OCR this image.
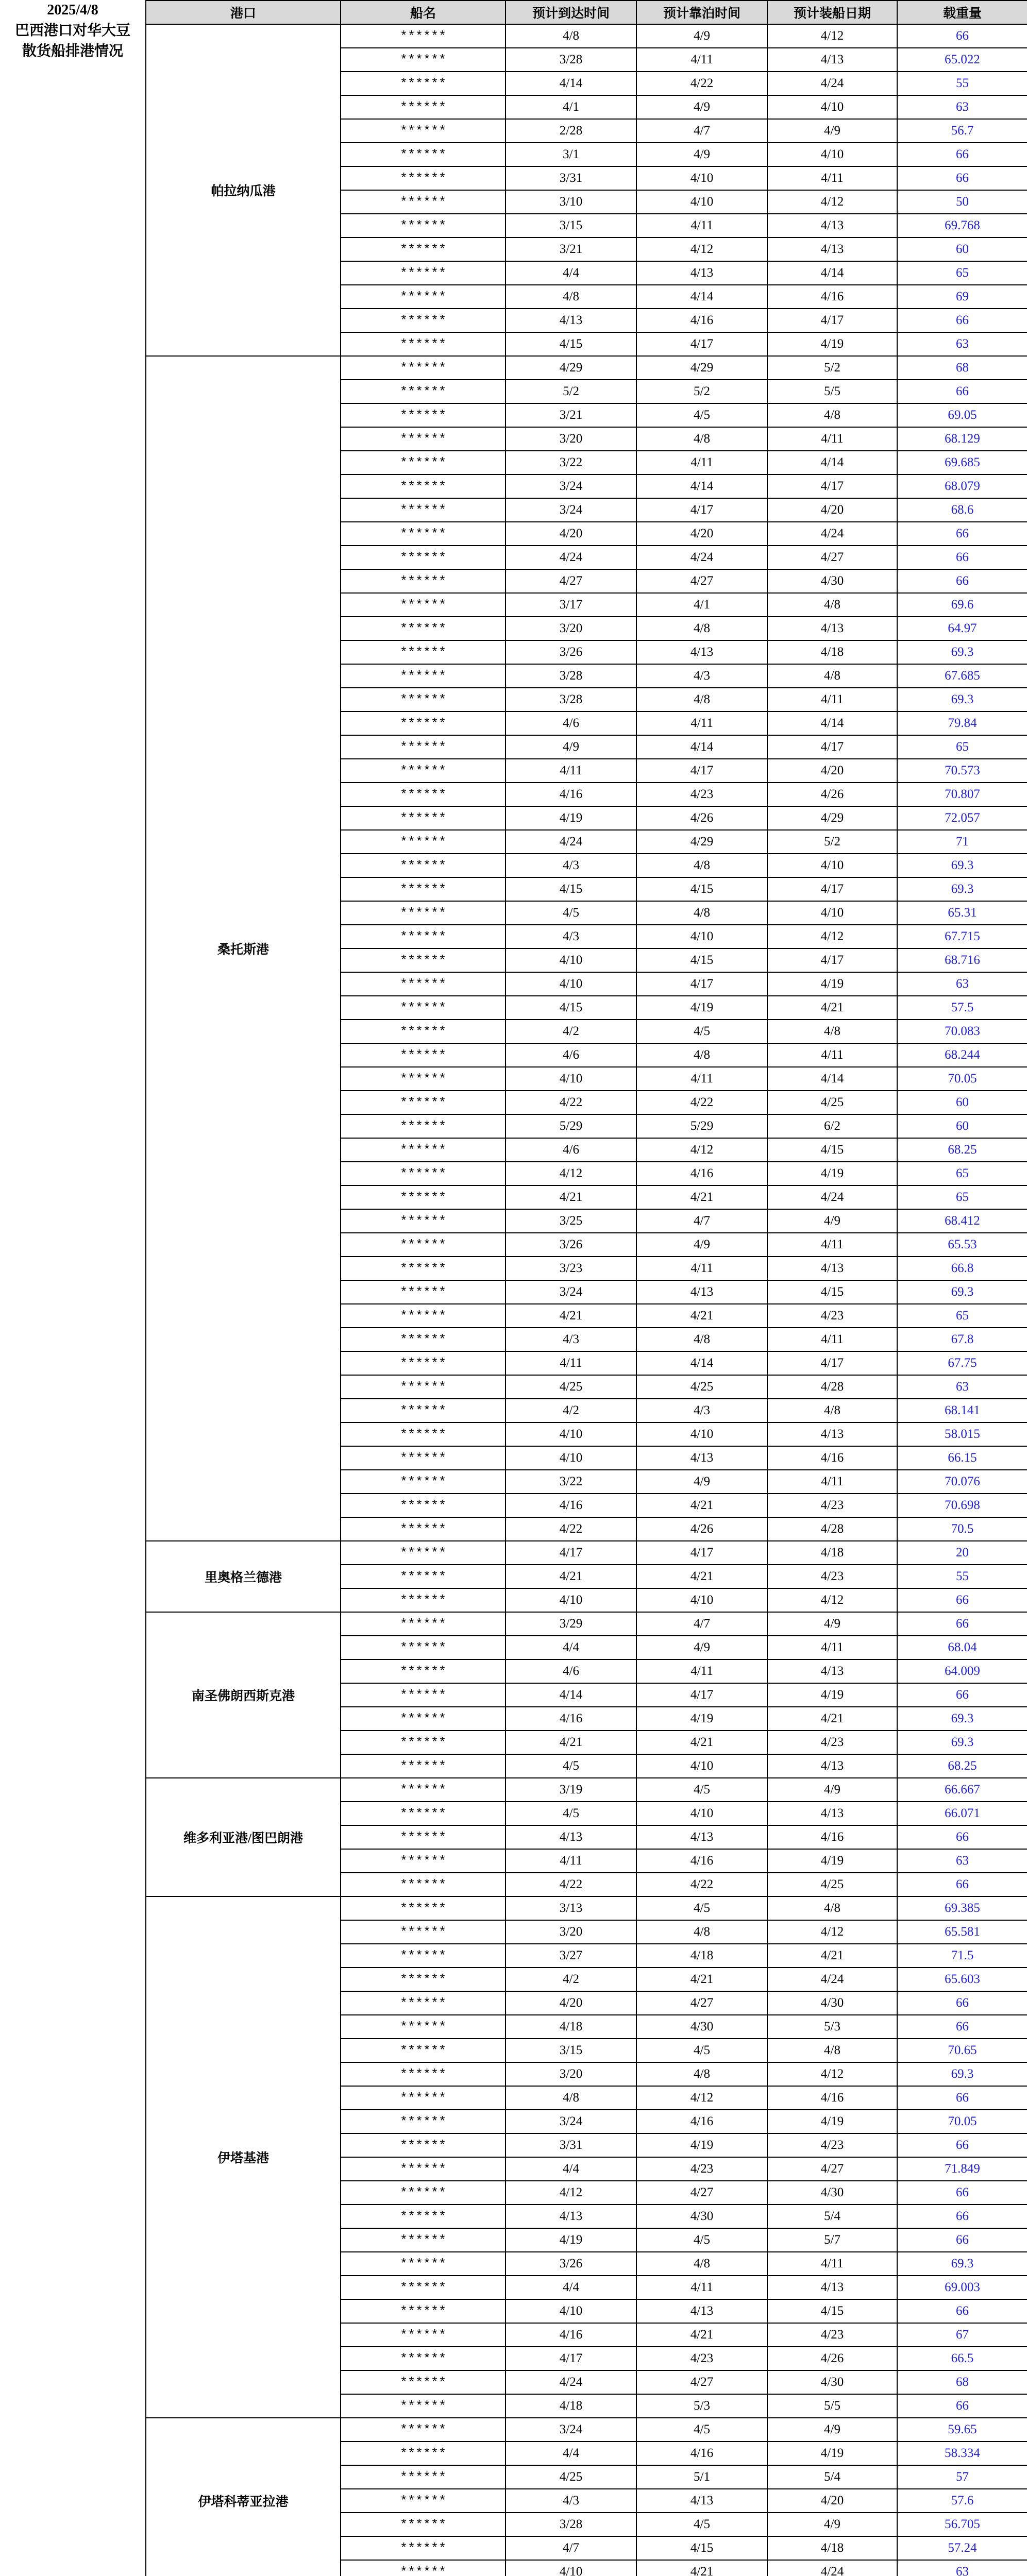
2025/4/8
巴西港口对华大豆
散货船排港情况
港口	船名	预计到达时间	预计靠泊时间	预计装船日期	载重量
帕拉纳瓜港	******	4/8	4/9	4/12	66
	******	3/28	4/11	4/13	65.022
	******	4/14	4/22	4/24	55
	******	4/1	4/9	4/10	63
	******	2/28	4/7	4/9	56.7
	******	3/1	4/9	4/10	66
	******	3/31	4/10	4/11	66
	******	3/10	4/10	4/12	50
	******	3/15	4/11	4/13	69.768
	******	3/21	4/12	4/13	60
	******	4/4	4/13	4/14	65
	******	4/8	4/14	4/16	69
	******	4/13	4/16	4/17	66
	******	4/15	4/17	4/19	63
桑托斯港	******	4/29	4/29	5/2	68
	******	5/2	5/2	5/5	66
	******	3/21	4/5	4/8	69.05
	******	3/20	4/8	4/11	68.129
	******	3/22	4/11	4/14	69.685
	******	3/24	4/14	4/17	68.079
	******	3/24	4/17	4/20	68.6
	******	4/20	4/20	4/24	66
	******	4/24	4/24	4/27	66
	******	4/27	4/27	4/30	66
	******	3/17	4/1	4/8	69.6
	******	3/20	4/8	4/13	64.97
	******	3/26	4/13	4/18	69.3
	******	3/28	4/3	4/8	67.685
	******	3/28	4/8	4/11	69.3
	******	4/6	4/11	4/14	79.84
	******	4/9	4/14	4/17	65
	******	4/11	4/17	4/20	70.573
	******	4/16	4/23	4/26	70.807
	******	4/19	4/26	4/29	72.057
	******	4/24	4/29	5/2	71
	******	4/3	4/8	4/10	69.3
	******	4/15	4/15	4/17	69.3
	******	4/5	4/8	4/10	65.31
	******	4/3	4/10	4/12	67.715
	******	4/10	4/15	4/17	68.716
	******	4/10	4/17	4/19	63
	******	4/15	4/19	4/21	57.5
	******	4/2	4/5	4/8	70.083
	******	4/6	4/8	4/11	68.244
	******	4/10	4/11	4/14	70.05
	******	4/22	4/22	4/25	60
	******	5/29	5/29	6/2	60
	******	4/6	4/12	4/15	68.25
	******	4/12	4/16	4/19	65
	******	4/21	4/21	4/24	65
	******	3/25	4/7	4/9	68.412
	******	3/26	4/9	4/11	65.53
	******	3/23	4/11	4/13	66.8
	******	3/24	4/13	4/15	69.3
	******	4/21	4/21	4/23	65
	******	4/3	4/8	4/11	67.8
	******	4/11	4/14	4/17	67.75
	******	4/25	4/25	4/28	63
	******	4/2	4/3	4/8	68.141
	******	4/10	4/10	4/13	58.015
	******	4/10	4/13	4/16	66.15
	******	3/22	4/9	4/11	70.076
	******	4/16	4/21	4/23	70.698
	******	4/22	4/26	4/28	70.5
里奥格兰德港	******	4/17	4/17	4/18	20
	******	4/21	4/21	4/23	55
	******	4/10	4/10	4/12	66
南圣佛朗西斯克港	******	3/29	4/7	4/9	66
	******	4/4	4/9	4/11	68.04
	******	4/6	4/11	4/13	64.009
	******	4/14	4/17	4/19	66
	******	4/16	4/19	4/21	69.3
	******	4/21	4/21	4/23	69.3
	******	4/5	4/10	4/13	68.25
维多利亚港/图巴朗港	******	3/19	4/5	4/9	66.667
	******	4/5	4/10	4/13	66.071
	******	4/13	4/13	4/16	66
	******	4/11	4/16	4/19	63
	******	4/22	4/22	4/25	66
伊塔基港	******	3/13	4/5	4/8	69.385
	******	3/20	4/8	4/12	65.581
	******	3/27	4/18	4/21	71.5
	******	4/2	4/21	4/24	65.603
	******	4/20	4/27	4/30	66
	******	4/18	4/30	5/3	66
	******	3/15	4/5	4/8	70.65
	******	3/20	4/8	4/12	69.3
	******	4/8	4/12	4/16	66
	******	3/24	4/16	4/19	70.05
	******	3/31	4/19	4/23	66
	******	4/4	4/23	4/27	71.849
	******	4/12	4/27	4/30	66
	******	4/13	4/30	5/4	66
	******	4/19	4/5	5/7	66
	******	3/26	4/8	4/11	69.3
	******	4/4	4/11	4/13	69.003
	******	4/10	4/13	4/15	66
	******	4/16	4/21	4/23	67
	******	4/17	4/23	4/26	66.5
	******	4/24	4/27	4/30	68
	******	4/18	5/3	5/5	66
伊塔科蒂亚拉港	******	3/24	4/5	4/9	59.65
	******	4/4	4/16	4/19	58.334
	******	4/25	5/1	5/4	57
	******	4/3	4/13	4/20	57.6
	******	3/28	4/5	4/9	56.705
	******	4/7	4/15	4/18	57.24
	******	4/10	4/21	4/24	63
